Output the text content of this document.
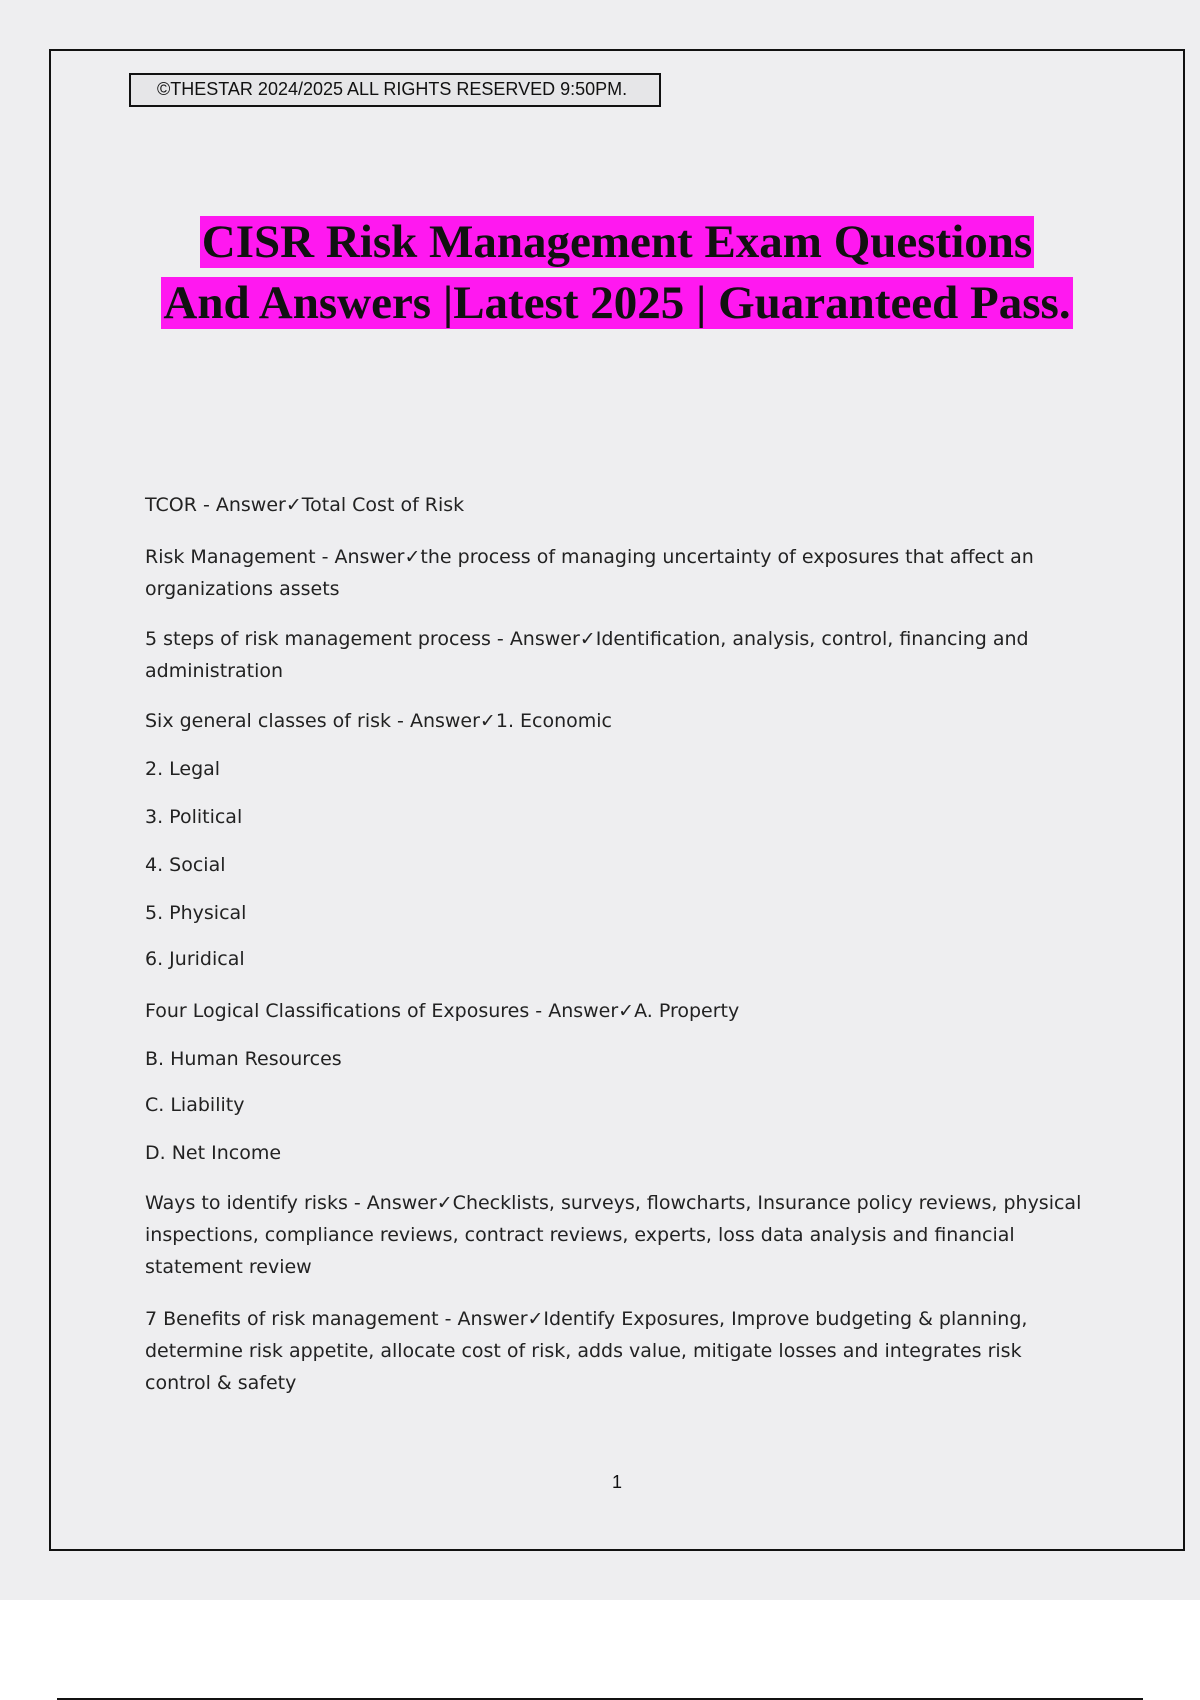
©THESTAR 2024/2025 ALL RIGHTS RESERVED 9:50PM.
CISR Risk Management Exam Questions
And Answers |Latest 2025 | Guaranteed Pass.

TCOR - Answer✓Total Cost of Risk

Risk Management - Answer✓the process of managing uncertainty of exposures that affect an organizations assets

5 steps of risk management process - Answer✓Identification, analysis, control, financing and administration

Six general classes of risk - Answer✓1. Economic

2. Legal

3. Political

4. Social

5. Physical

6. Juridical

Four Logical Classifications of Exposures - Answer✓A. Property

B. Human Resources

C. Liability

D. Net Income

Ways to identify risks - Answer✓Checklists, surveys, flowcharts, Insurance policy reviews, physical inspections, compliance reviews, contract reviews, experts, loss data analysis and financial statement review

7 Benefits of risk management - Answer✓Identify Exposures, Improve budgeting & planning, determine risk appetite, allocate cost of risk, adds value, mitigate losses and integrates risk control & safety

1
